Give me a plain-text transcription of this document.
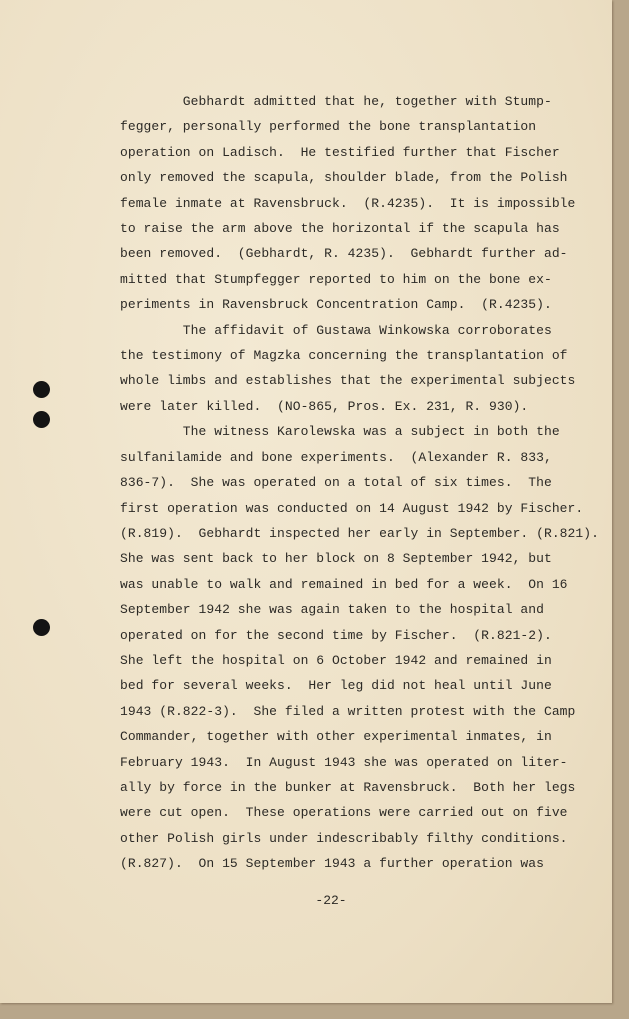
Gebhardt admitted that he, together with Stump-
fegger, personally performed the bone transplantation
operation on Ladisch.  He testified further that Fischer
only removed the scapula, shoulder blade, from the Polish
female inmate at Ravensbruck.  (R.4235).  It is impossible
to raise the arm above the horizontal if the scapula has
been removed.  (Gebhardt, R. 4235).  Gebhardt further ad-
mitted that Stumpfegger reported to him on the bone ex-
periments in Ravensbruck Concentration Camp.  (R.4235).
The affidavit of Gustawa Winkowska corroborates
the testimony of Magzka concerning the transplantation of
whole limbs and establishes that the experimental subjects
were later killed.  (NO-865, Pros. Ex. 231, R. 930).
The witness Karolewska was a subject in both the
sulfanilamide and bone experiments.  (Alexander R. 833,
836-7).  She was operated on a total of six times.  The
first operation was conducted on 14 August 1942 by Fischer.
(R.819).  Gebhardt inspected her early in September. (R.821).
She was sent back to her block on 8 September 1942, but
was unable to walk and remained in bed for a week.  On 16
September 1942 she was again taken to the hospital and
operated on for the second time by Fischer.  (R.821-2).
She left the hospital on 6 October 1942 and remained in
bed for several weeks.  Her leg did not heal until June
1943 (R.822-3).  She filed a written protest with the Camp
Commander, together with other experimental inmates, in
February 1943.  In August 1943 she was operated on liter-
ally by force in the bunker at Ravensbruck.  Both her legs
were cut open.  These operations were carried out on five
other Polish girls under indescribably filthy conditions.
(R.827).  On 15 September 1943 a further operation was
-22-
